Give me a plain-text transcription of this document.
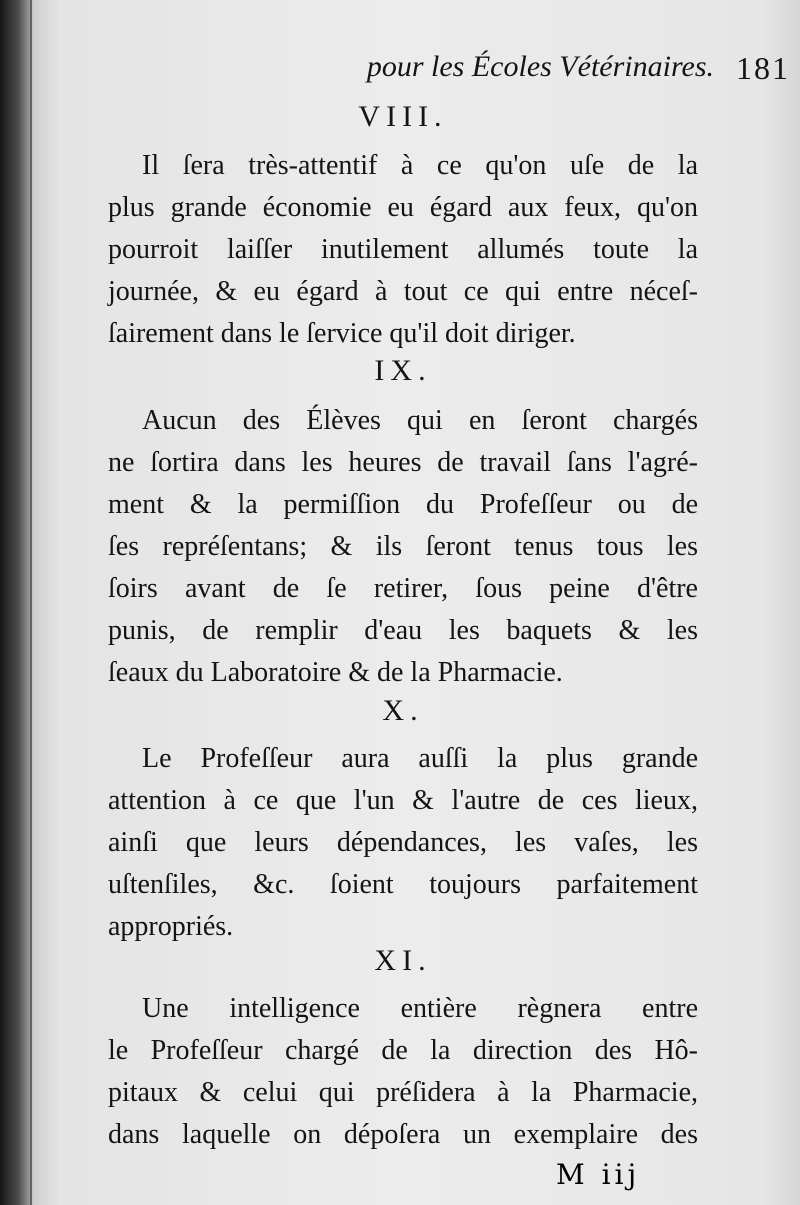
pour les Écoles Vétérinaires. 181
VIII.
Il ſera très-attentif à ce qu'on uſe de la
plus grande économie eu égard aux feux, qu'on
pourroit laiſſer inutilement allumés toute la
journée, & eu égard à tout ce qui entre néceſ-
ſairement dans le ſervice qu'il doit diriger.
IX.
Aucun des Élèves qui en ſeront chargés
ne ſortira dans les heures de travail ſans l'agré-
ment & la permiſſion du Profeſſeur ou de
ſes repréſentans; & ils ſeront tenus tous les
ſoirs avant de ſe retirer, ſous peine d'être
punis, de remplir d'eau les baquets & les
ſeaux du Laboratoire & de la Pharmacie.
X.
Le Profeſſeur aura auſſi la plus grande
attention à ce que l'un & l'autre de ces lieux,
ainſi que leurs dépendances, les vaſes, les
uſtenſiles, &c. ſoient toujours parfaitement
appropriés.
XI.
Une intelligence entière règnera entre
le Profeſſeur chargé de la direction des Hô-
pitaux & celui qui préſidera à la Pharmacie,
dans laquelle on dépoſera un exemplaire des
M iij
